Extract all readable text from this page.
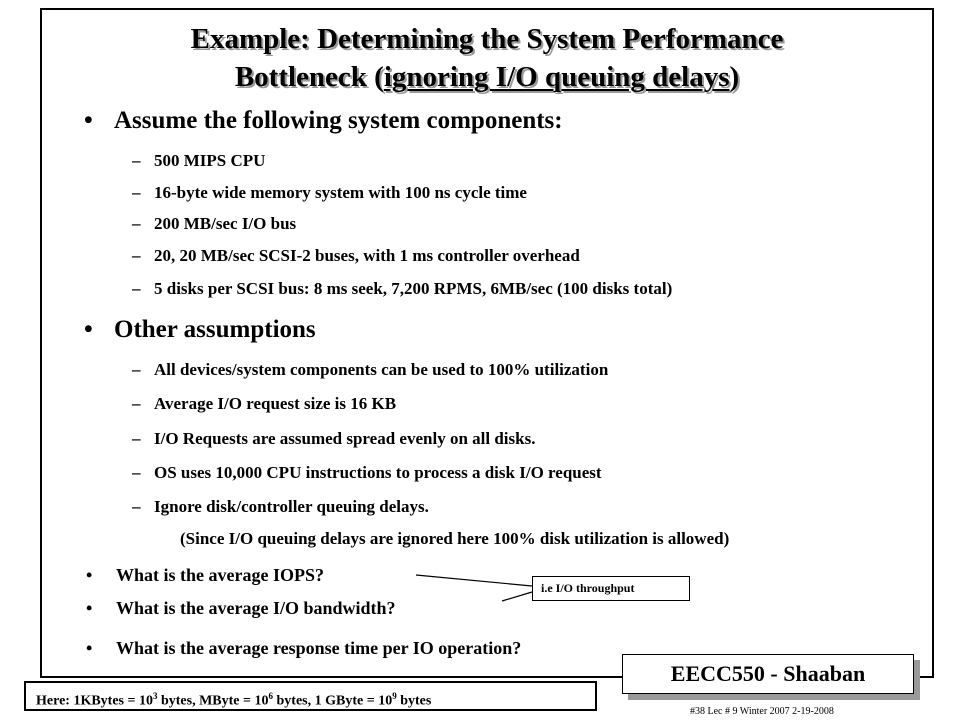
Example: Determining the System Performance
Bottleneck (ignoring I/O queuing delays)
• Assume the following system components:
– 500 MIPS CPU
– 16-byte wide memory system with 100 ns cycle time
– 200 MB/sec I/O bus
– 20, 20 MB/sec SCSI-2 buses, with 1 ms controller overhead
– 5 disks per SCSI bus: 8 ms seek, 7,200 RPMS, 6MB/sec (100 disks total)
• Other assumptions
– All devices/system components can be used to 100% utilization
– Average I/O request size is 16 KB
– I/O Requests are assumed spread evenly on all disks.
– OS uses 10,000 CPU instructions to process a disk I/O request
– Ignore disk/controller queuing delays.
(Since I/O queuing delays are ignored here 100% disk utilization is allowed)
• What is the average IOPS?
• What is the average I/O bandwidth?
• What is the average response time per IO operation?
i.e I/O throughput
Here: 1KBytes = $10^3$ bytes, MByte = $10^6$ bytes, 1 GByte = $10^9$ bytes
EECC550 - Shaaban
#38 Lec # 9 Winter 2007 2-19-2008
